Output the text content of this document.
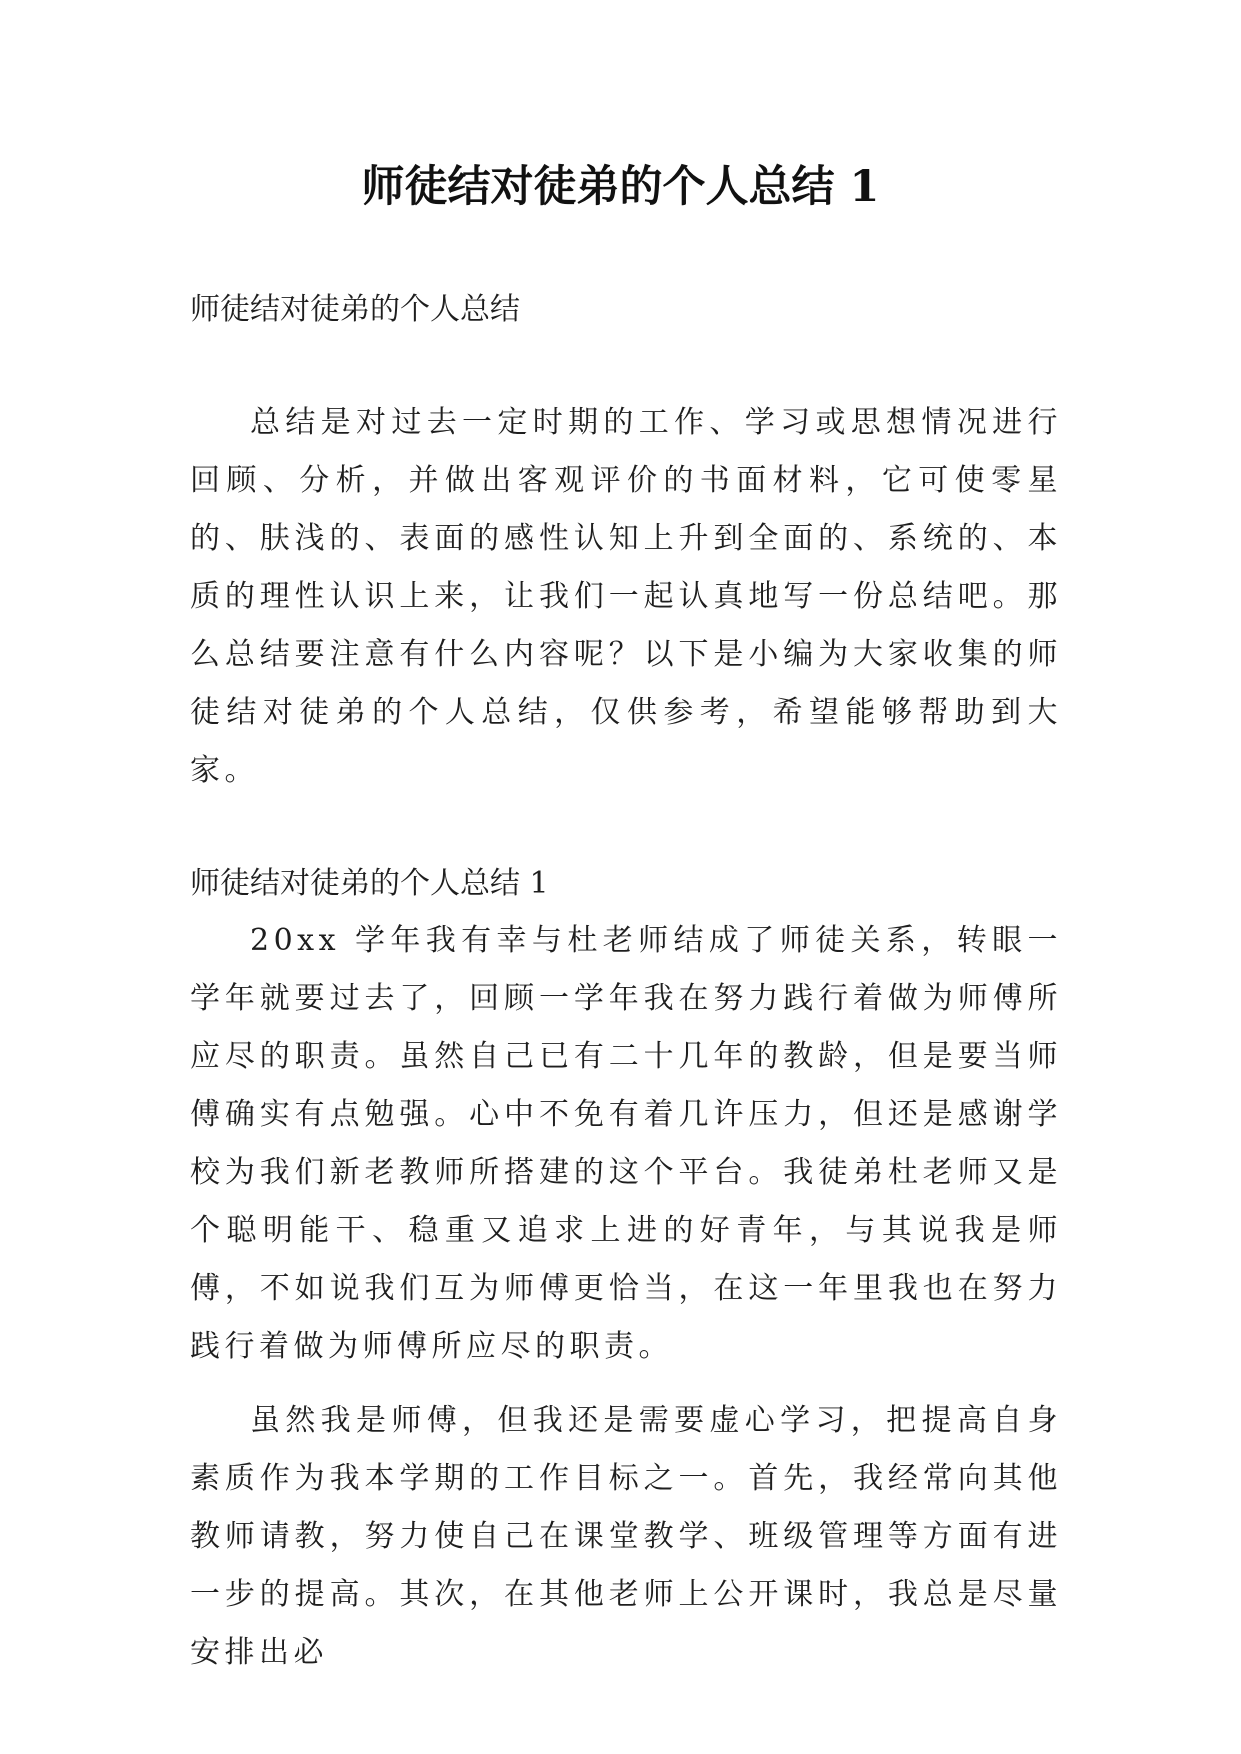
师徒结对徒弟的个人总结 1

师徒结对徒弟的个人总结

总结是对过去一定时期的工作、学习或思想情况进行回顾、分析，并做出客观评价的书面材料，它可使零星的、肤浅的、表面的感性认知上升到全面的、系统的、本质的理性认识上来，让我们一起认真地写一份总结吧。那么总结要注意有什么内容呢？以下是小编为大家收集的师徒结对徒弟的个人总结，仅供参考，希望能够帮助到大家。

师徒结对徒弟的个人总结 1

20xx 学年我有幸与杜老师结成了师徒关系，转眼一学年就要过去了，回顾一学年我在努力践行着做为师傅所应尽的职责。虽然自己已有二十几年的教龄，但是要当师傅确实有点勉强。心中不免有着几许压力，但还是感谢学校为我们新老教师所搭建的这个平台。我徒弟杜老师又是个聪明能干、稳重又追求上进的好青年，与其说我是师傅，不如说我们互为师傅更恰当，在这一年里我也在努力践行着做为师傅所应尽的职责。

虽然我是师傅，但我还是需要虚心学习，把提高自身素质作为我本学期的工作目标之一。首先，我经常向其他教师请教，努力使自己在课堂教学、班级管理等方面有进一步的提高。其次，在其他老师上公开课时，我总是尽量安排出必
